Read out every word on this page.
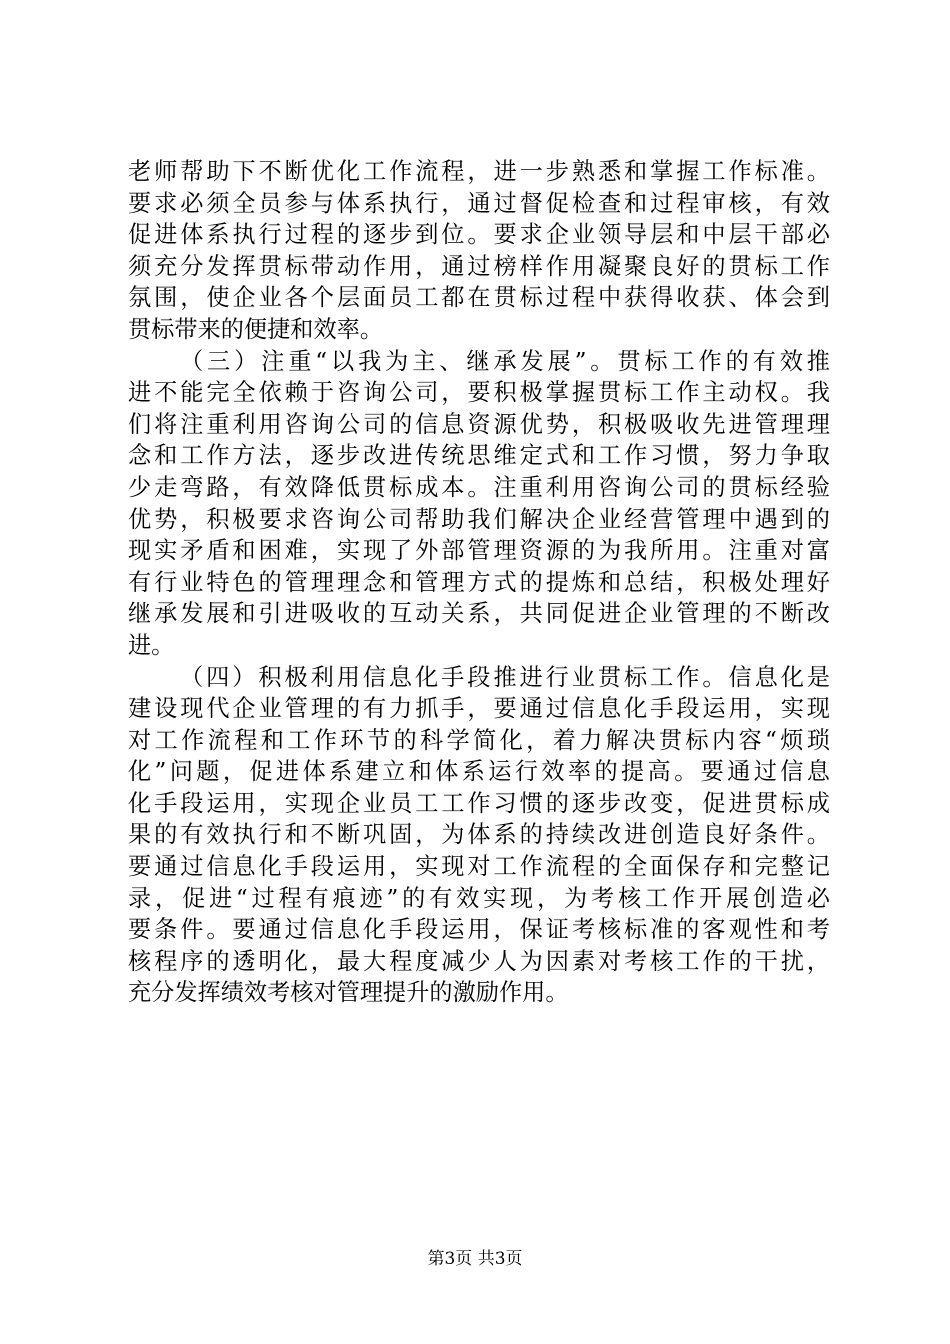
老师帮助下不断优化工作流程，进一步熟悉和掌握工作标准。
要求必须全员参与体系执行，通过督促检查和过程审核，有效
促进体系执行过程的逐步到位。要求企业领导层和中层干部必
须充分发挥贯标带动作用，通过榜样作用凝聚良好的贯标工作
氛围，使企业各个层面员工都在贯标过程中获得收获、体会到
贯标带来的便捷和效率。
（三）注重“以我为主、继承发展”。贯标工作的有效推
进不能完全依赖于咨询公司，要积极掌握贯标工作主动权。我
们将注重利用咨询公司的信息资源优势，积极吸收先进管理理
念和工作方法，逐步改进传统思维定式和工作习惯，努力争取
少走弯路，有效降低贯标成本。注重利用咨询公司的贯标经验
优势，积极要求咨询公司帮助我们解决企业经营管理中遇到的
现实矛盾和困难，实现了外部管理资源的为我所用。注重对富
有行业特色的管理理念和管理方式的提炼和总结，积极处理好
继承发展和引进吸收的互动关系，共同促进企业管理的不断改
进。
（四）积极利用信息化手段推进行业贯标工作。信息化是
建设现代企业管理的有力抓手，要通过信息化手段运用，实现
对工作流程和工作环节的科学简化，着力解决贯标内容“烦琐
化”问题，促进体系建立和体系运行效率的提高。要通过信息
化手段运用，实现企业员工工作习惯的逐步改变，促进贯标成
果的有效执行和不断巩固，为体系的持续改进创造良好条件。
要通过信息化手段运用，实现对工作流程的全面保存和完整记
录，促进“过程有痕迹”的有效实现，为考核工作开展创造必
要条件。要通过信息化手段运用，保证考核标准的客观性和考
核程序的透明化，最大程度减少人为因素对考核工作的干扰，
充分发挥绩效考核对管理提升的激励作用。
第3页 共3页
